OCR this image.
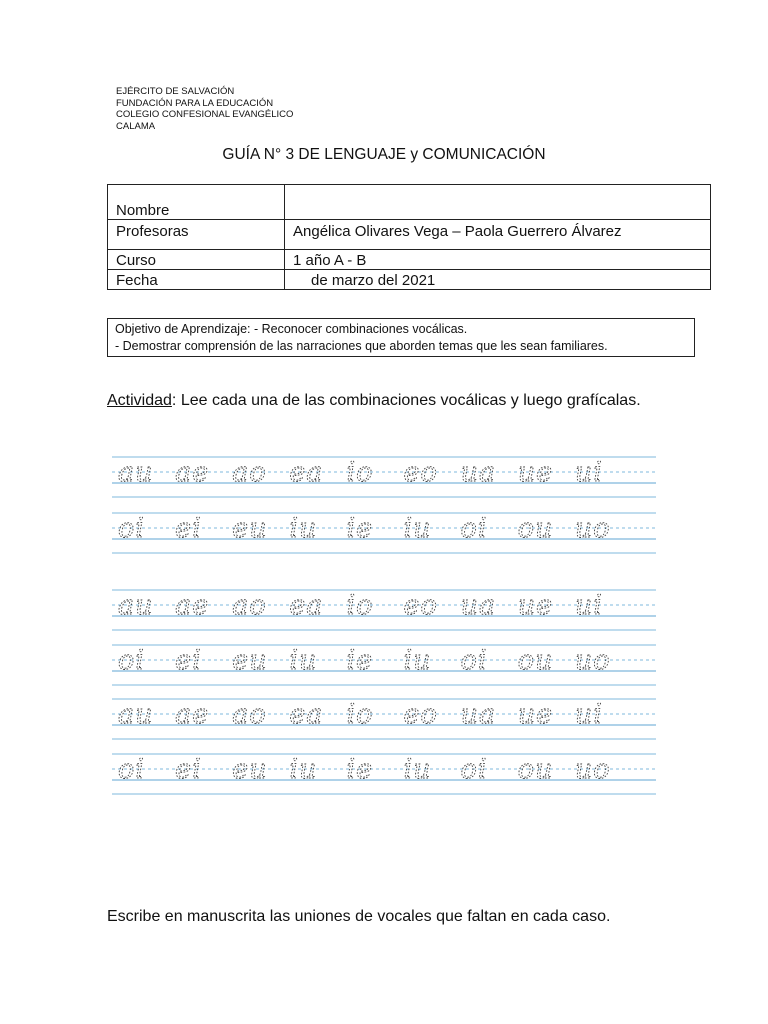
EJÉRCITO DE SALVACIÓN
FUNDACIÓN PARA LA EDUCACIÓN
COLEGIO CONFESIONAL EVANGÉLICO
CALAMA
GUÍA N° 3 DE LENGUAJE y COMUNICACIÓN
Nombre	
Profesoras	Angélica Olivares Vega – Paola Guerrero Álvarez
Curso	1 año A - B
Fecha	de marzo del 2021
Objetivo de Aprendizaje: - Reconocer combinaciones vocálicas.
- Demostrar comprensión de las narraciones que aborden temas que les sean familiares.
Actividad: Lee cada una de las combinaciones vocálicas y luego grafícalas.
au ae ao ea io eo ua ue ui
oi ei eu iu ie iu oi ou uo
au ae ao ea io eo ua ue ui
oi ei eu iu ie iu oi ou uo
au ae ao ea io eo ua ue ui
oi ei eu iu ie iu oi ou uo
Escribe en manuscrita las uniones de vocales que faltan en cada caso.
